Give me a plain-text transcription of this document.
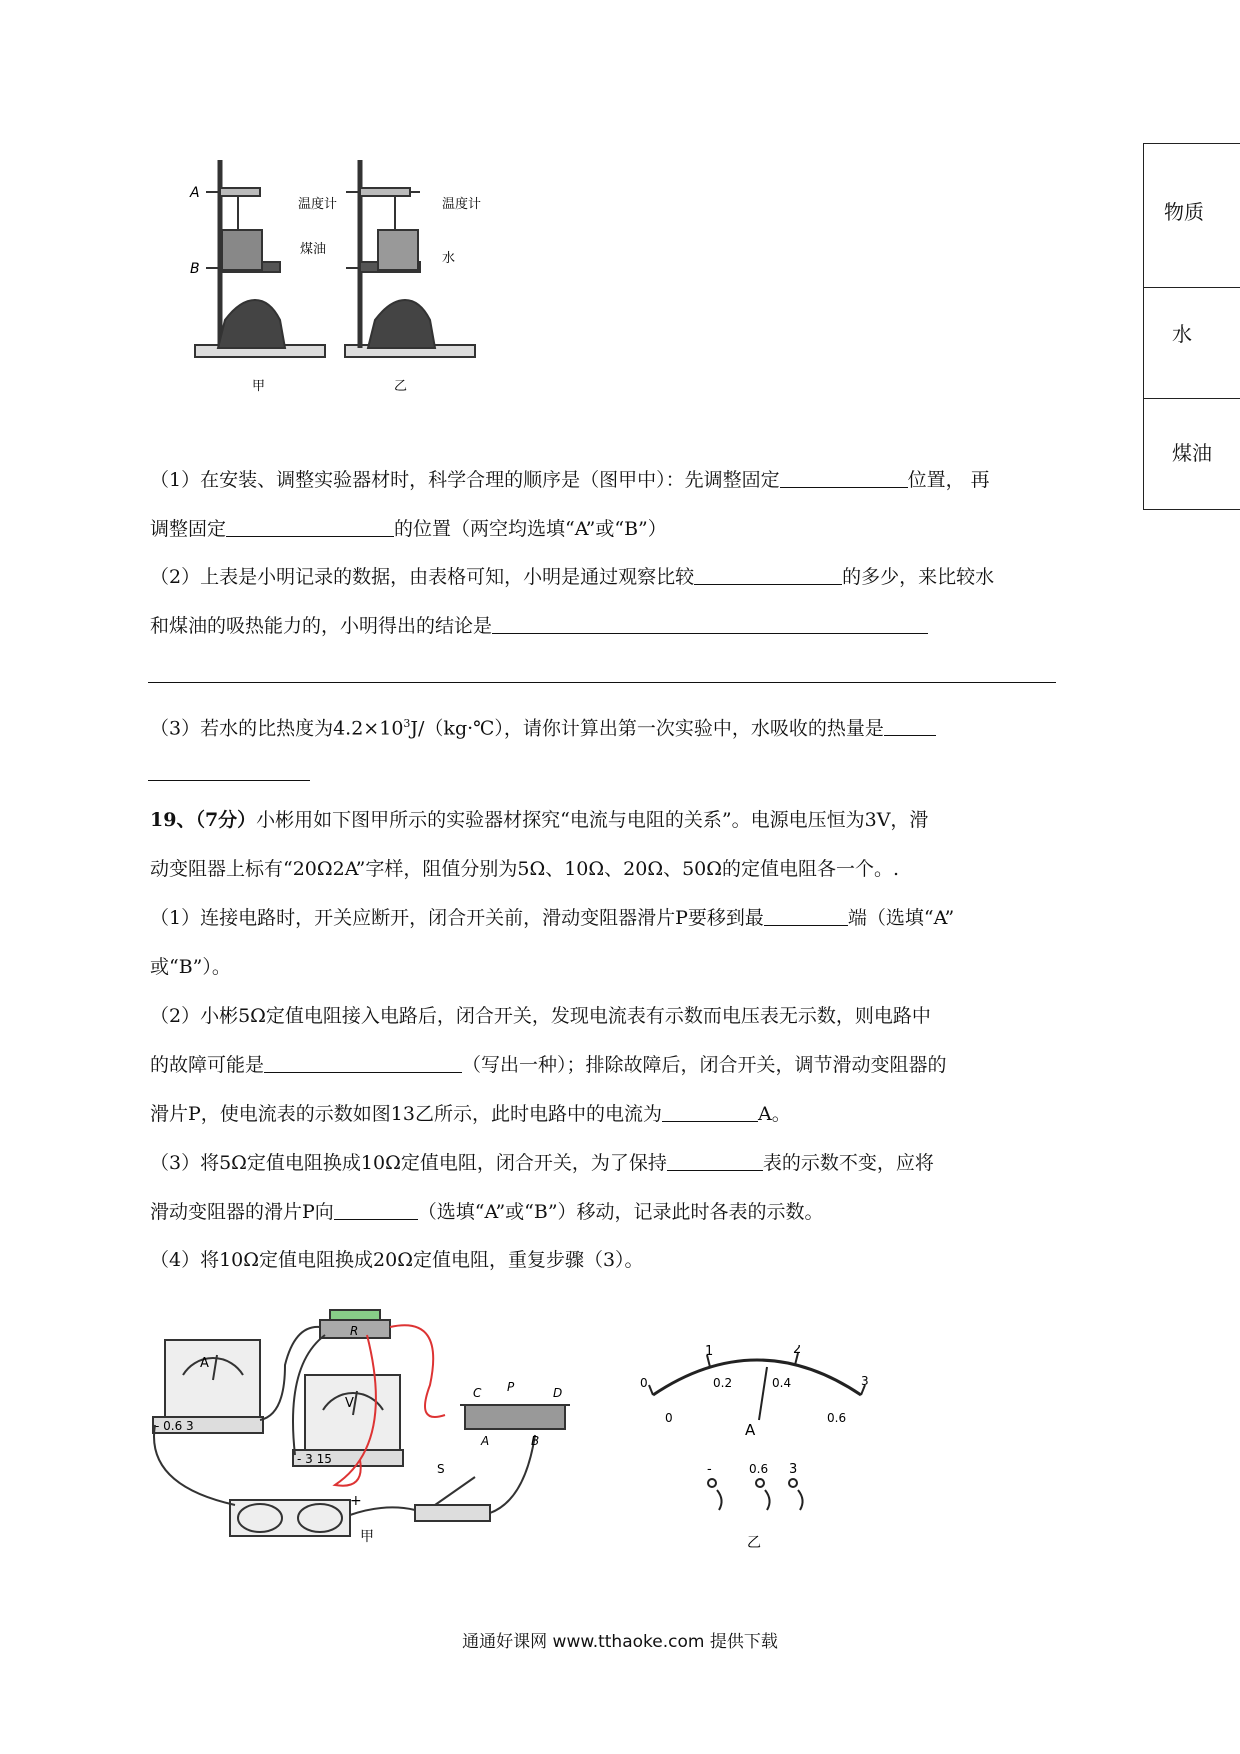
A
B
温度计
煤油
温度计
水
甲	乙
物质
水
煤油
（1）在安装、调整实验器材时，科学合理的顺序是（图甲中）：先调整固定	位置， 再
调整固定	的位置（两空均选填“A”或“B”）
（2）上表是小明记录的数据，由表格可知，小明是通过观察比较	的多少，来比较水
和煤油的吸热能力的，小明得出的结论是
（3）若水的比热度为$4.2\times 10^3J/(kg\cdot℃)$，请你计算出第一次实验中，水吸收的热量是
19、（7分）小彬用如下图甲所示的实验器材探究“电流与电阻的关系”。电源电压恒为3V，滑
动变阻器上标有“20Ω2A”字样，阻值分别为5Ω、10Ω、20Ω、50Ω的定值电阻各一个。.
（1）连接电路时，开关应断开，闭合开关前，滑动变阻器滑片P要移到最	端（选填“A”
或“B”）。
（2）小彬5Ω定值电阻接入电路后，闭合开关，发现电流表有示数而电压表无示数，则电路中
的故障可能是	（写出一种）；排除故障后，闭合开关，调节滑动变阻器的
滑片P，使电流表的示数如图13乙所示，此时电路中的电流为	A。
（3）将5Ω定值电阻换成10Ω定值电阻，闭合开关，为了保持	表的示数不变，应将
滑动变阻器的滑片P向	（选填“A”或“B”）移动，记录此时各表的示数。
（4）将10Ω定值电阻换成20Ω定值电阻，重复步骤（3）。
A
V
- 0.6 3
- 3 15
R
C P	D
A	B
S
+
甲
1	2
0	3
0.2	0.4
0	0.6
A
-	0.6 3
乙
通通好课网 www.tthaoke.com 提供下载
